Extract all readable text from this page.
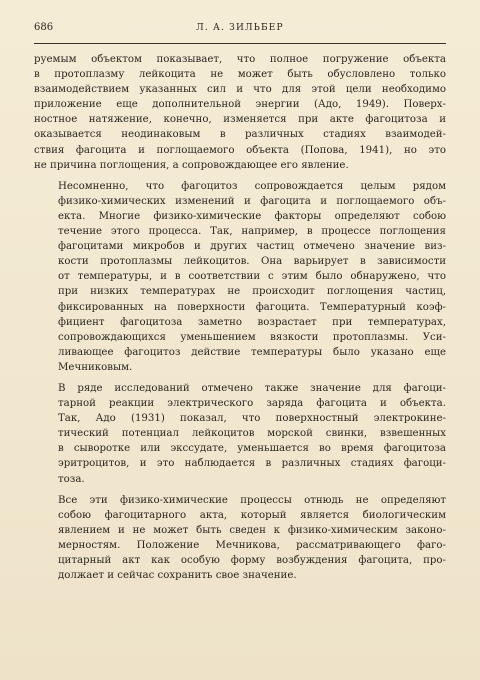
686	Л. А. ЗИЛЬБЕР

руемым объектом показывает, что полное погружение объекта
в протоплазму лейкоцита не может быть обусловлено только
взаимодействием указанных сил и что для этой цели необходимо
приложение еще дополнительной энергии (Адо, 1949). Поверх-
ностное натяжение, конечно, изменяется при акте фагоцитоза и
оказывается неодинаковым в различных стадиях взаимодей-
ствия фагоцита и поглощаемого объекта (Попова, 1941), но это
не причина поглощения, а сопровождающее его явление.

Несомненно, что фагоцитоз сопровождается целым рядом
физико-химических изменений и фагоцита и поглощаемого объ-
екта. Многие физико-химические факторы определяют собою
течение этого процесса. Так, например, в процессе поглощения
фагоцитами микробов и других частиц отмечено значение виз-
кости протоплазмы лейкоцитов. Она варьирует в зависимости
от температуры, и в соответствии с этим было обнаружено, что
при низких температурах не происходит поглощения частиц,
фиксированных на поверхности фагоцита. Температурный коэф-
фициент фагоцитоза заметно возрастает при температурах,
сопровождающихся уменьшением вязкости протоплазмы. Уси-
ливающее фагоцитоз действие температуры было указано еще
Мечниковым.

В ряде исследований отмечено также значение для фагоци-
тарной реакции электрического заряда фагоцита и объекта.
Так, Адо (1931) показал, что поверхностный электрокинe-
тический потенциал лейкоцитов морской свинки, взвешенных
в сыворотке или экссудате, уменьшается во время фагоцитоза
эритроцитов, и это наблюдается в различных стадиях фагоци-
тоза.

Все эти физико-химические процессы отнюдь не определяют
собою фагоцитарного акта, который является биологическим
явлением и не может быть сведен к физико-химическим законо-
мерностям. Положение Мечникова, рассматривающего фаго-
цитарный акт как особую форму возбуждения фагоцита, про-
должает и сейчас сохранить свое значение.
